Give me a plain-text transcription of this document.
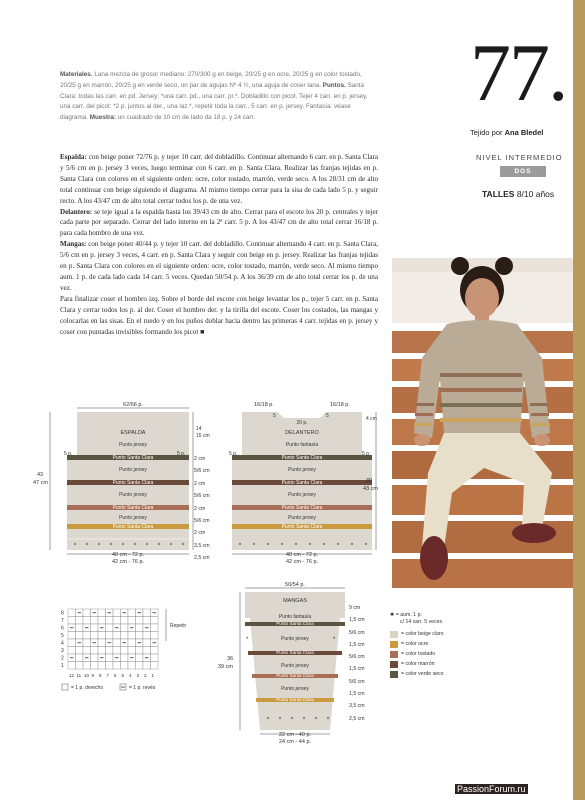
77.
Tejido por Ana Bledel
NIVEL INTERMEDIO
DOS AGUJAS
TALLES 8/10 años
Materiales. Lana mezcla de grosor mediano: 270/300 g en beige, 20/25 g en ocre, 20/25 g en color tostado, 20/25 g en marrón, 20/25 g en verde seco, un par de agujas Nº 4 ½, una aguja de coser lana. Puntos. Santa Clara: todas las carr. en pd. Jersey: *una carr. pd., una carr. pr.*. Dobladillo con picot. Tejer 4 carr. en p. jersey, una carr. del picot: *2 p. juntos al der., una laz.*, repetir toda la carr., 5 carr. en p. jersey. Fantasía: véase diagrama. Muestra: un cuadrado de 10 cm de lado da 18 p. y 24 carr.
Espalda: con beige poner 72/76 p. y tejer 10 carr. del dobladillo. Continuar alternando 6 carr. en p. Santa Clara y 5/6 cm en p. jersey 3 veces, luego terminar con 6 carr. en p. Santa Clara. Realizar las franjas tejidas en p. Santa Clara con colores en el siguiente orden: ocre, color tostado, marrón, verde seco. A los 28/31 cm de alto total continuar con beige siguiendo el diagrama. Al mismo tiempo cerrar para la sisa de cada lado 5 p. y seguir recto. A los 43/47 cm de alto total cerrar todos los p. de una vez.
Delantero: se teje igual a la espalda hasta los 39/43 cm de alto. Cerrar para el escote los 20 p. centrales y tejer cada parte por separado. Cerrar del lado interno en la 2ª carr. 5 p. A los 43/47 cm de alto total cerrar 16/18 p. para cada hombro de una vez.
Mangas: con beige poner 40/44 p. y tejer 10 carr. del dobladillo. Continuar alternando 4 carr. en p. Santa Clara, 5/6 cm en p. jersey 3 veces, 4 carr. en p. Santa Clara y seguir con beige en p. jersey. Realizar las franjas tejidas en p. Santa Clara con colores en el siguiente orden: ocre, color tostado, marrón, verde seco. Al mismo tiempo aum. 1 p. de cada lado cada 14 carr. 5 veces. Quedan 50/54 p. A los 36/39 cm de alto total cerrar los p. de una vez.
Para finalizar coser el hombro izq. Sobre el borde del escote con beige levantar los p., tejer 5 carr. en p. Santa Clara y cerrar todos los p. al der. Coser el hombro der. y la tirilla del escote. Coser los costados, las mangas y colocarlas en las sisas. En el ruedo y en los puños doblar hacia dentro las primeras 4 carr. tejidas en p. jersey y coser con puntadas invisibles formando los picot ■
62/66 p.
ESPALDA
Punto jersey
Punto Santa Clara
Punto jersey
Punto Santa Clara
Punto jersey
Punto Santa Clara
Punto jersey
Punto Santa Clara
5 p.	5 p.
43
47 cm
14
15 cm
40 cm - 72 p.
42 cm - 76 p.
2 cm
5/6 cm
2 cm
5/6 cm
2 cm
5/6 cm
2 cm
3,5 cm
2,5 cm
16/18 p.	16/18 p.
5	5
20 p.
DELANTERO
Punto fantasía
Punto Santa Clara
Punto jersey
Punto Santa Clara
Punto jersey
Punto Santa Clara
Punto jersey
Punto Santa Clara
5 p.	5 p.
4 cm
39
43 cm
40 cm - 72 p.
42 cm - 76 p.
8
7
6
5
4
3
2
1
12 11 10 9 8 7 6 5 4 3 2 1
Repetir
= 1 p. derecho	= 1 p. revés
50/54 p.
MANGAS
Punto fantasía
Punto Santa Clara
Punto jersey
Punto Santa Clara
Punto jersey
Punto Santa Clara
Punto jersey
Punto Santa Clara
*	*
36
39 cm
22 cm - 40 p.
24 cm - 44 p.
9 cm
1,5 cm
5/6 cm
1,5 cm
5/6 cm
1,5 cm
5/6 cm
1,5 cm
3,5 cm
2,5 cm
✱ = aum. 1 p.
c/ 14 carr. 5 veces
= color beige claro
= color ocre
= color tostado
= color marrón
= color verde seco
PassionForum.ru
